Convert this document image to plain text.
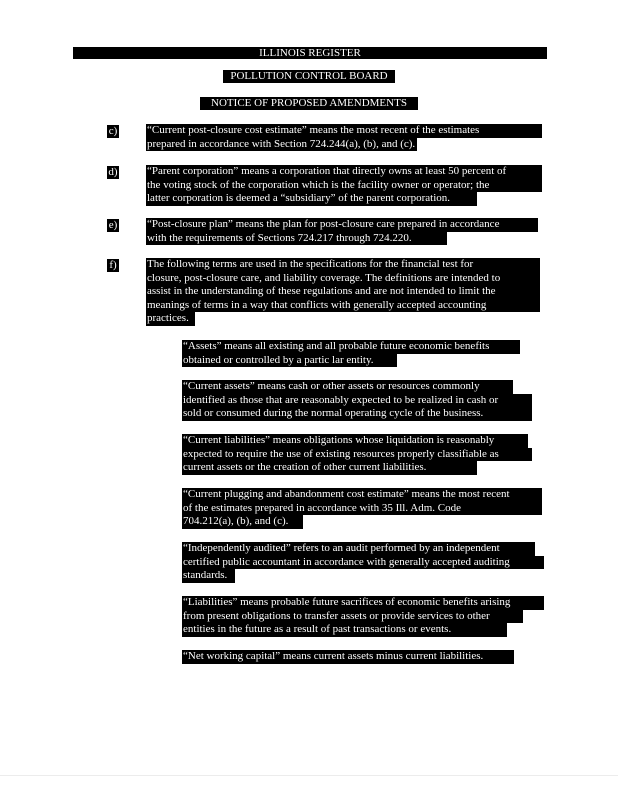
ILLINOIS REGISTER
POLLUTION CONTROL BOARD
NOTICE OF PROPOSED AMENDMENTS
c)	“Current post-closure cost estimate” means the most recent of the estimates
prepared in accordance with Section 724.244(a), (b), and (c).
d)	“Parent corporation” means a corporation that directly owns at least 50 percent of
the voting stock of the corporation which is the facility owner or operator; the
latter corporation is deemed a “subsidiary” of the parent corporation.
e)	“Post-closure plan” means the plan for post-closure care prepared in accordance
with the requirements of Sections 724.217 through 724.220.
f)	The following terms are used in the specifications for the financial test for
closure, post-closure care, and liability coverage. The definitions are intended to
assist in the understanding of these regulations and are not intended to limit the
meanings of terms in a way that conflicts with generally accepted accounting
practices.
“Assets” means all existing and all probable future economic benefits
obtained or controlled by a partic lar entity.
“Current assets” means cash or other assets or resources commonly
identified as those that are reasonably expected to be realized in cash or
sold or consumed during the normal operating cycle of the business.
“Current liabilities” means obligations whose liquidation is reasonably
expected to require the use of existing resources properly classifiable as
current assets or the creation of other current liabilities.
“Current plugging and abandonment cost estimate” means the most recent
of the estimates prepared in accordance with 35 Ill. Adm. Code
704.212(a), (b), and (c).
“Independently audited” refers to an audit performed by an independent
certified public accountant in accordance with generally accepted auditing
standards.
“Liabilities” means probable future sacrifices of economic benefits arising
from present obligations to transfer assets or provide services to other
entities in the future as a result of past transactions or events.
“Net working capital” means current assets minus current liabilities.
